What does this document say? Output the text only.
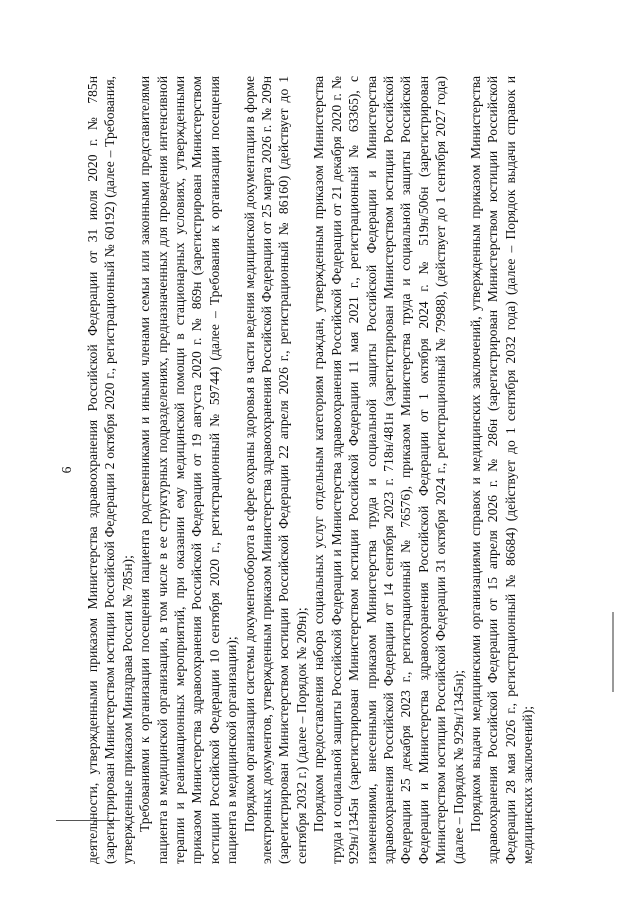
6 деятельности, утвержденными приказом Министерства здравоохранения Российской Федерации от 31 июля 2020 г. № 785н (зарегистрирован Министерством юстиции Российской Федерации 2 октября 2020 г., регистрационный № 60192) (далее – Требования, утвержденные приказом Минздрава России № 785н); Требованиями к организации посещения пациента родственниками и иными членами семьи или законными представителями пациента в медицинской организации, в том числе в ее структурных подразделениях, предназначенных для проведения интенсивной терапии и реанимационных мероприятий, при оказании ему медицинской помощи в стационарных условиях, утвержденными приказом Министерства здравоохранения Российской Федерации от 19 августа 2020 г. № 869н (зарегистрирован Министерством юстиции Российской Федерации 10 сентября 2020 г., регистрационный № 59744) (далее – Требования к организации посещения пациента в медицинской организации); Порядком организации системы документооборота в сфере охраны здоровья в части ведения медицинской документации в форме электронных документов, утвержденным приказом Министерства здравоохранения Российской Федерации от 25 марта 2026 г. № 209н (зарегистрирован Министерством юстиции Российской Федерации 22 апреля 2026 г., регистрационный № 86160) (действует до 1 сентября 2032 г.) (далее – Порядок № 209н); Порядком предоставления набора социальных услуг отдельным категориям граждан, утвержденным приказом Министерства труда и социальной защиты Российской Федерации и Министерства здравоохранения Российской Федерации от 21 декабря 2020 г. № 929н/1345н (зарегистрирован Министерством юстиции Российской Федерации 11 мая 2021 г., регистрационный № 63365), с изменениями, внесенными приказом Министерства труда и социальной защиты Российской Федерации и Министерства здравоохранения Российской Федерации от 14 сентября 2023 г. 718н/481н (зарегистрирован Министерством юстиции Российской Федерации 25 декабря 2023 г., регистрационный № 76576), приказом Министерства труда и социальной защиты Российской Федерации и Министерства здравоохранения Российской Федерации от 1 октября 2024 г. № 519н/506н (зарегистрирован Министерством юстиции Российской Федерации 31 октября 2024 г., регистрационный № 79988), (действует до 1 сентября 2027 года) (далее – Порядок № 929н/1345н); Порядком выдачи медицинскими организациями справок и медицинских заключений, утвержденным приказом Министерства здравоохранения Российской Федерации от 15 апреля 2026 г. № 286н (зарегистрирован Министерством юстиции Российской Федерации 28 мая 2026 г., регистрационный № 86684) (действует до 1 сентября 2032 года) (далее – Порядок выдачи справок и медицинских заключений);
